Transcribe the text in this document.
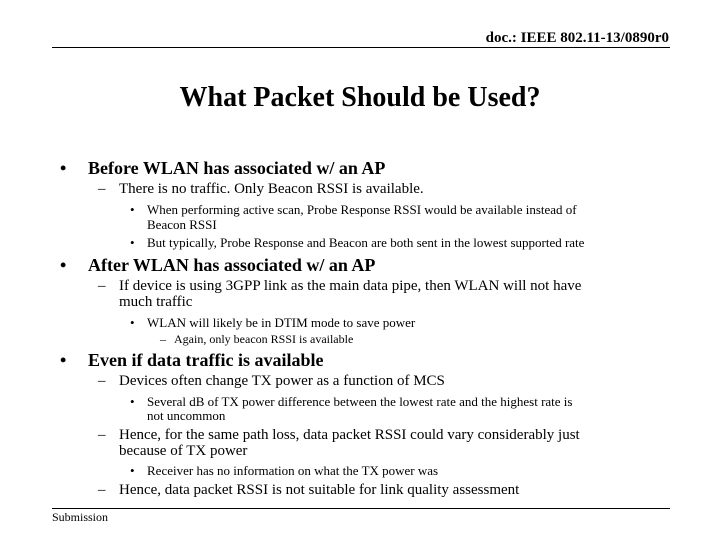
doc.: IEEE 802.11-13/0890r0
What Packet Should be Used?
• Before WLAN has associated w/ an AP
– There is no traffic. Only Beacon RSSI is available.
• When performing active scan, Probe Response RSSI would be available instead of
Beacon RSSI
• But typically, Probe Response and Beacon are both sent in the lowest supported rate
• After WLAN has associated w/ an AP
– If device is using 3GPP link as the main data pipe, then WLAN will not have
much traffic
• WLAN will likely be in DTIM mode to save power
– Again, only beacon RSSI is available
• Even if data traffic is available
– Devices often change TX power as a function of MCS
• Several dB of TX power difference between the lowest rate and the highest rate is
not uncommon
– Hence, for the same path loss, data packet RSSI could vary considerably just
because of TX power
• Receiver has no information on what the TX power was
– Hence, data packet RSSI is not suitable for link quality assessment
Submission
